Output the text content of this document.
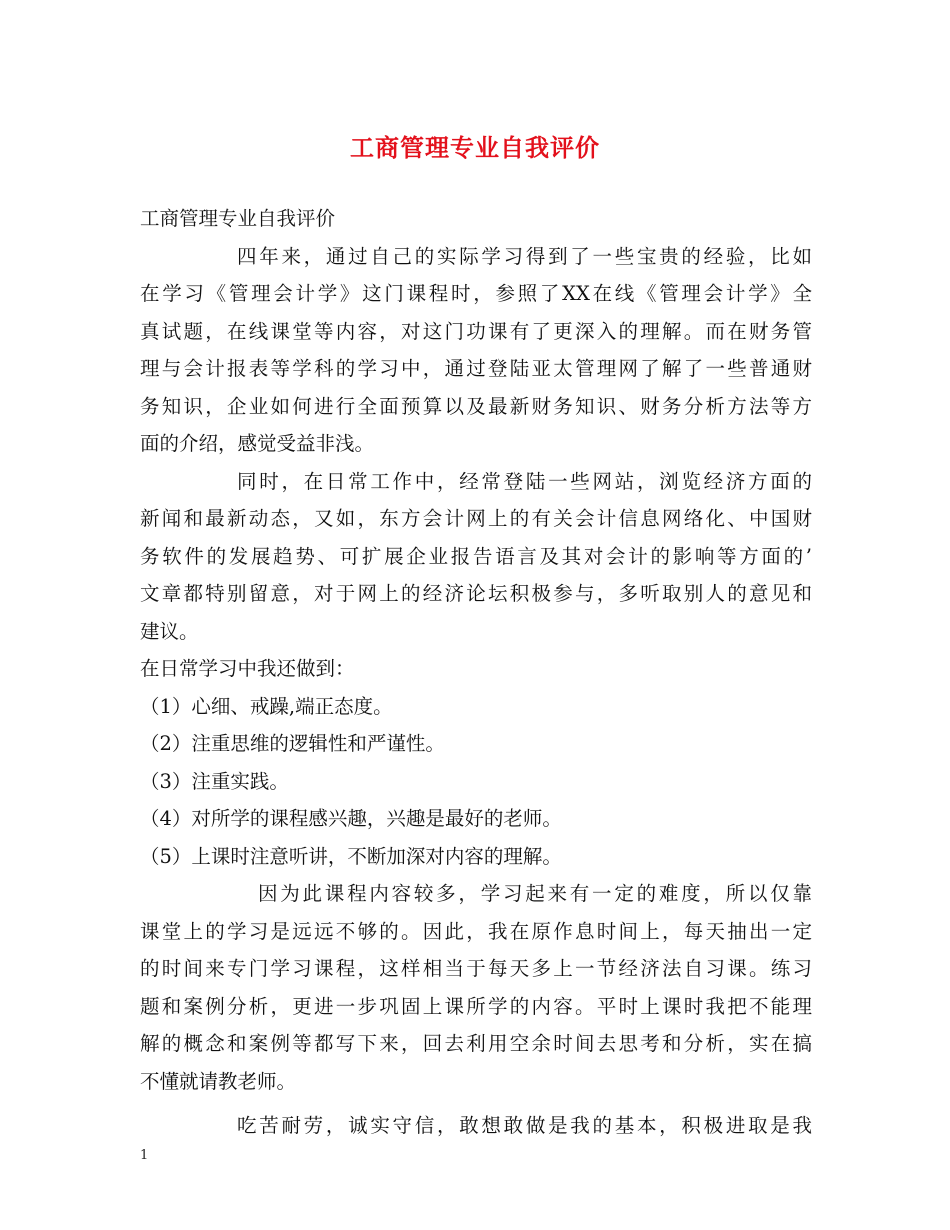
工商管理专业自我评价
工商管理专业自我评价
四年来，通过自己的实际学习得到了一些宝贵的经验，比如
在学习《管理会计学》这门课程时，参照了XX在线《管理会计学》全
真试题，在线课堂等内容，对这门功课有了更深入的理解。而在财务管
理与会计报表等学科的学习中，通过登陆亚太管理网了解了一些普通财
务知识，企业如何进行全面预算以及最新财务知识、财务分析方法等方
面的介绍，感觉受益非浅。
同时，在日常工作中，经常登陆一些网站，浏览经济方面的
新闻和最新动态，又如，东方会计网上的有关会计信息网络化、中国财
务软件的发展趋势、可扩展企业报告语言及其对会计的影响等方面的’
文章都特别留意，对于网上的经济论坛积极参与，多听取别人的意见和
建议。
在日常学习中我还做到：
（1）心细、戒躁,端正态度。
（2）注重思维的逻辑性和严谨性。
（3）注重实践。
（4）对所学的课程感兴趣，兴趣是最好的老师。
（5）上课时注意听讲，不断加深对内容的理解。
因为此课程内容较多，学习起来有一定的难度，所以仅靠
课堂上的学习是远远不够的。因此，我在原作息时间上，每天抽出一定
的时间来专门学习课程，这样相当于每天多上一节经济法自习课。练习
题和案例分析，更进一步巩固上课所学的内容。平时上课时我把不能理
解的概念和案例等都写下来，回去利用空余时间去思考和分析，实在搞
不懂就请教老师。
吃苦耐劳，诚实守信，敢想敢做是我的基本，积极进取是我
1
